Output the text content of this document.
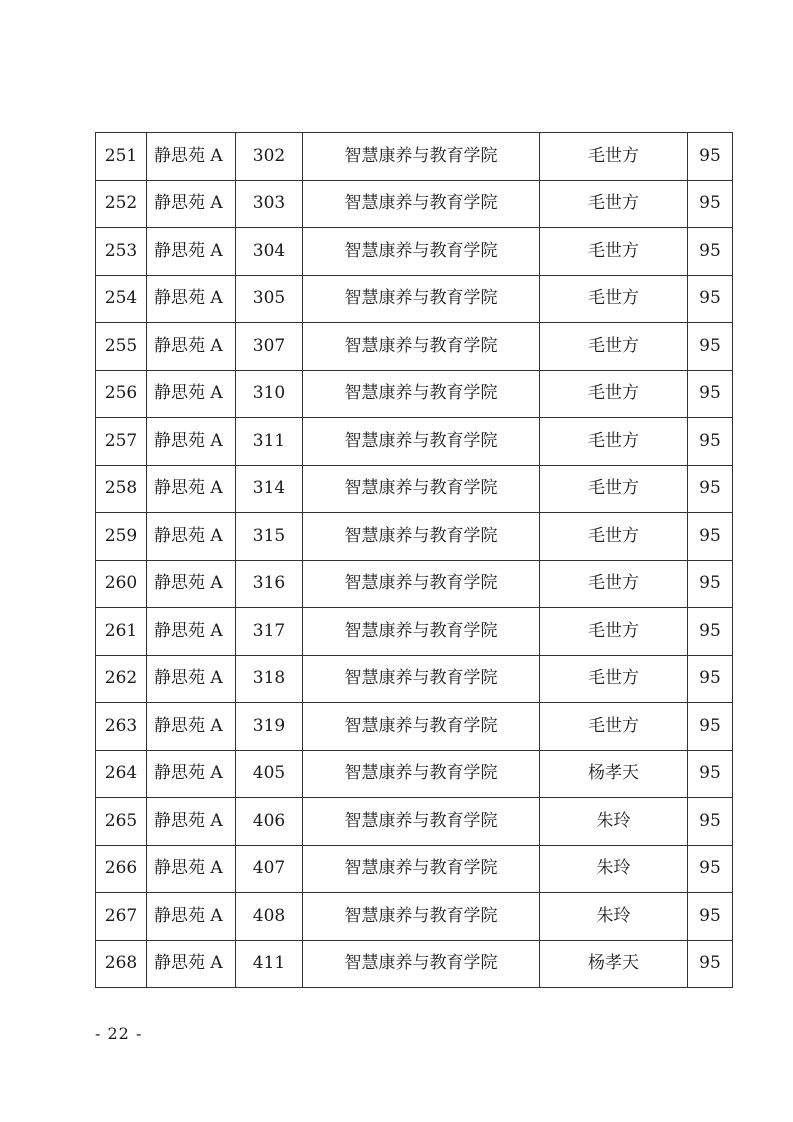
251	静思苑 A	302	智慧康养与教育学院	毛世方	95
252	静思苑 A	303	智慧康养与教育学院	毛世方	95
253	静思苑 A	304	智慧康养与教育学院	毛世方	95
254	静思苑 A	305	智慧康养与教育学院	毛世方	95
255	静思苑 A	307	智慧康养与教育学院	毛世方	95
256	静思苑 A	310	智慧康养与教育学院	毛世方	95
257	静思苑 A	311	智慧康养与教育学院	毛世方	95
258	静思苑 A	314	智慧康养与教育学院	毛世方	95
259	静思苑 A	315	智慧康养与教育学院	毛世方	95
260	静思苑 A	316	智慧康养与教育学院	毛世方	95
261	静思苑 A	317	智慧康养与教育学院	毛世方	95
262	静思苑 A	318	智慧康养与教育学院	毛世方	95
263	静思苑 A	319	智慧康养与教育学院	毛世方	95
264	静思苑 A	405	智慧康养与教育学院	杨孝天	95
265	静思苑 A	406	智慧康养与教育学院	朱玲	95
266	静思苑 A	407	智慧康养与教育学院	朱玲	95
267	静思苑 A	408	智慧康养与教育学院	朱玲	95
268	静思苑 A	411	智慧康养与教育学院	杨孝天	95
- 22 -
